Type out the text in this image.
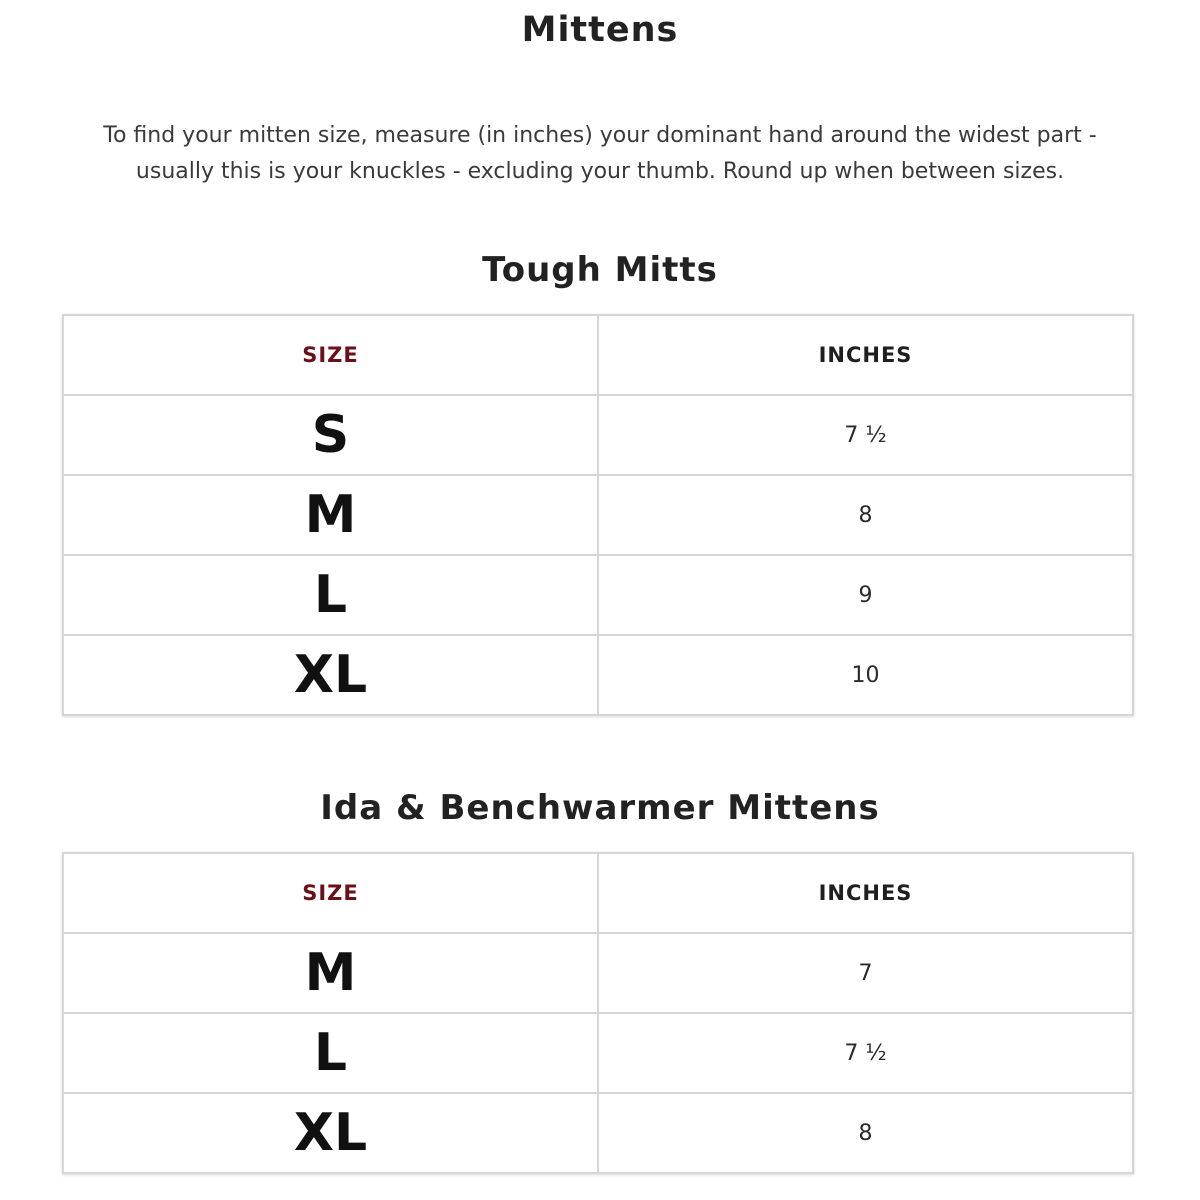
Mittens
To find your mitten size, measure (in inches) your dominant hand around the widest part -
usually this is your knuckles - excluding your thumb. Round up when between sizes.
Tough Mitts
SIZE	INCHES
S	7 ½
M	8
L	9
XL	10
Ida & Benchwarmer Mittens
SIZE	INCHES
M	7
L	7 ½
XL	8
